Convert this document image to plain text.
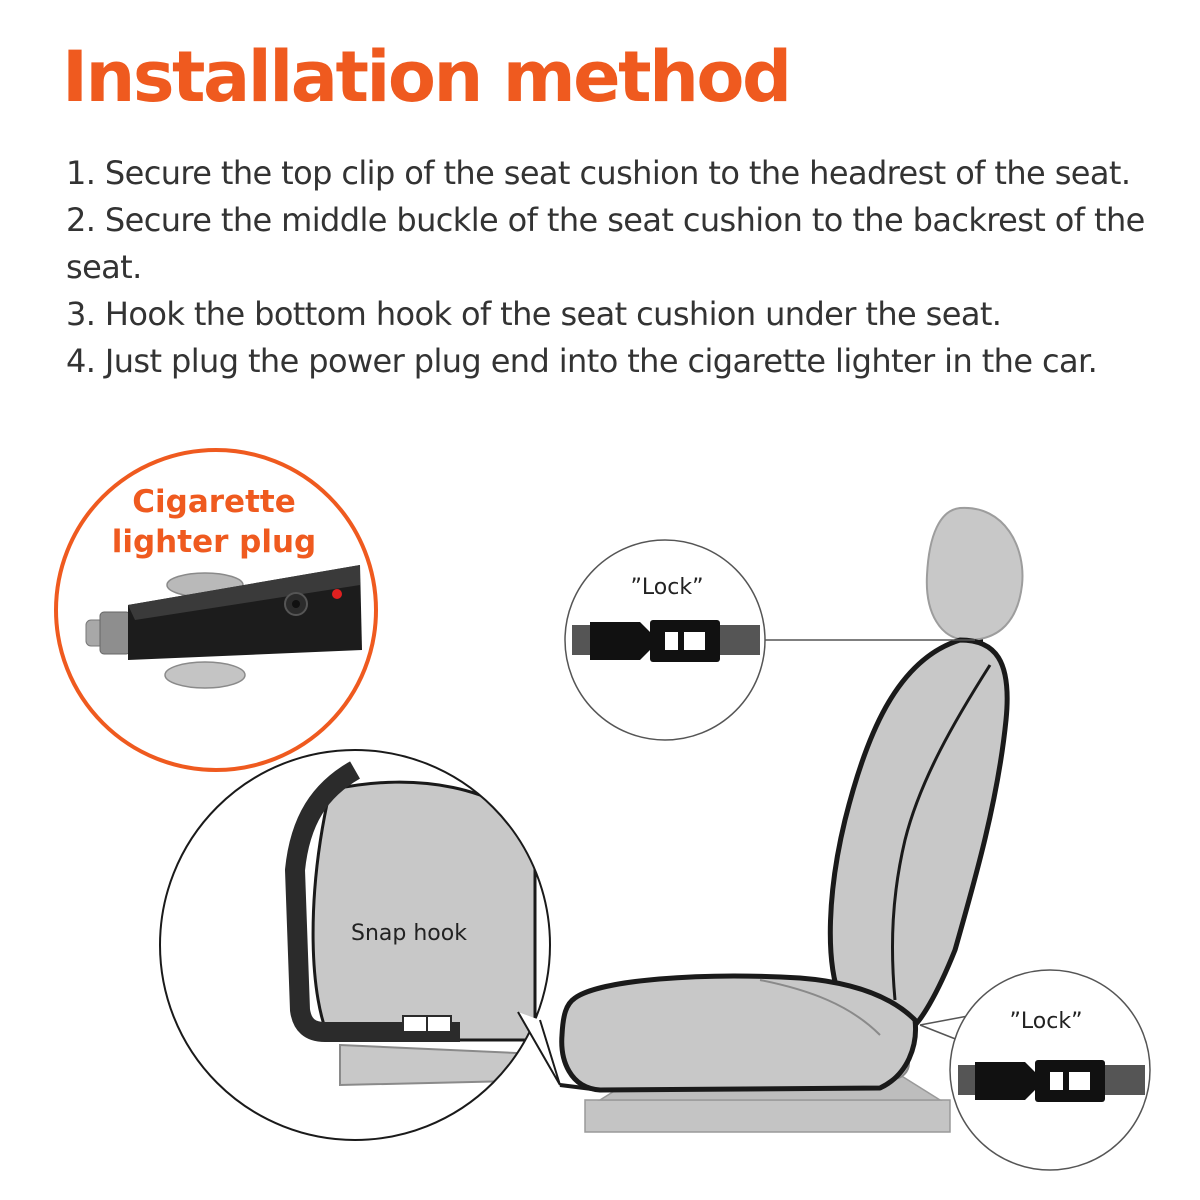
Installation method
1. Secure the top clip of the seat cushion to the headrest of the seat.
2. Secure the middle buckle of the seat cushion to the backrest of the seat.
3. Hook the bottom hook of the seat cushion under the seat.
4. Just plug the power plug end into the cigarette lighter in the car.
Cigarette
lighter plug
”Lock”
”Lock”
Snap hook
